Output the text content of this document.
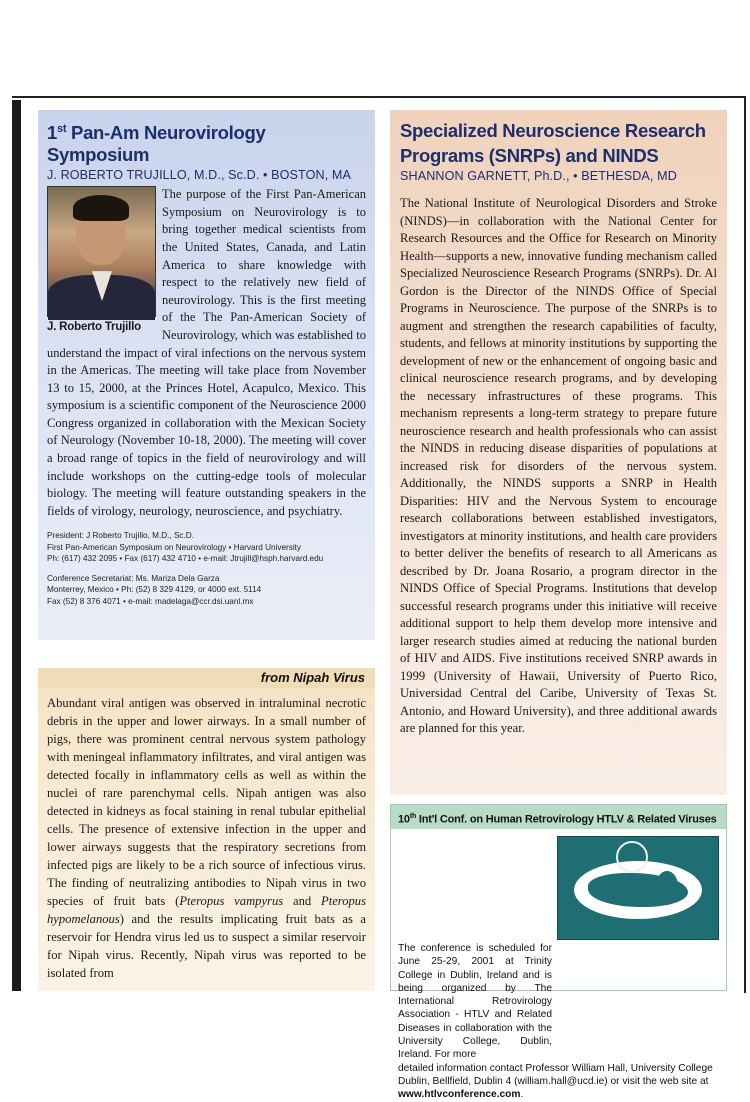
1st Pan-Am Neurovirology Symposium
J. ROBERTO TRUJILLO, M.D., Sc.D. • BOSTON, MA
J. Roberto Trujillo

The purpose of the First Pan-American Symposium on Neurovirology is to bring together medical scientists from the United States, Canada, and Latin America to share knowledge with respect to the relatively new field of neurovirology. This is the first meeting of the The Pan-American Society of Neurovirology, which was established to understand the impact of viral infections on the nervous system in the Americas. The meeting will take place from November 13 to 15, 2000, at the Princes Hotel, Acapulco, Mexico. This symposium is a scientific component of the Neuroscience 2000 Congress organized in collaboration with the Mexican Society of Neurology (November 10-18, 2000). The meeting will cover a broad range of topics in the field of neurovirology and will include workshops on the cutting-edge tools of molecular biology. The meeting will feature outstanding speakers in the fields of virology, neurology, neuroscience, and psychiatry.

President: J Roberto Trujillo, M.D., Sc.D.
First Pan-American Symposium on Neurovirology • Harvard University
Ph: (617) 432 2095 • Fax (617) 432 4710 • e-mail: Jtrujill@hsph.harvard.edu

Conference Secretariat: Ms. Mariza Dela Garza
Monterrey, Mexico • Ph: (52) 8 329 4129, or 4000 ext. 5114
Fax (52) 8 376 4071 • e-mail: madelaga@ccr.dsi.uanl.mx

from Nipah Virus

Abundant viral antigen was observed in intraluminal necrotic debris in the upper and lower airways. In a small number of pigs, there was prominent central nervous system pathology with meningeal inflammatory infiltrates, and viral antigen was detected focally in inflammatory cells as well as within the nuclei of rare parenchymal cells. Nipah antigen was also detected in kidneys as focal staining in renal tubular epithelial cells. The presence of extensive infection in the upper and lower airways suggests that the respiratory secretions from infected pigs are likely to be a rich source of infectious virus. The finding of neutralizing antibodies to Nipah virus in two species of fruit bats (Pteropus vampyrus and Pteropus hypomelanous) and the results implicating fruit bats as a reservoir for Hendra virus led us to suspect a similar reservoir for Nipah virus. Recently, Nipah virus was reported to be isolated from

Specialized Neuroscience Research Programs (SNRPs) and NINDS
SHANNON GARNETT, Ph.D., • BETHESDA, MD

The National Institute of Neurological Disorders and Stroke (NINDS)—in collaboration with the National Center for Research Resources and the Office for Research on Minority Health—supports a new, innovative funding mechanism called Specialized Neuroscience Research Programs (SNRPs). Dr. Al Gordon is the Director of the NINDS Office of Special Programs in Neuroscience. The purpose of the SNRPs is to augment and strengthen the research capabilities of faculty, students, and fellows at minority institutions by supporting the development of new or the enhancement of ongoing basic and clinical neuroscience research programs, and by developing the necessary infrastructures of these programs. This mechanism represents a long-term strategy to prepare future neuroscience research and health professionals who can assist the NINDS in reducing disease disparities of populations at increased risk for disorders of the nervous system. Additionally, the NINDS supports a SNRP in Health Disparities: HIV and the Nervous System to encourage research collaborations between established investigators, investigators at minority institutions, and health care providers to better deliver the benefits of research to all Americans as described by Dr. Joana Rosario, a program director in the NINDS Office of Special Programs. Institutions that develop successful research programs under this initiative will receive additional support to help them develop more intensive and larger research studies aimed at reducing the national burden of HIV and AIDS. Five institutions received SNRP awards in 1999 (University of Hawaii, University of Puerto Rico, Universidad Central del Caribe, University of Texas St. Antonio, and Howard University), and three additional awards are planned for this year.

10th Int'l Conf. on Human Retrovirology HTLV & Related Viruses
The conference is scheduled for June 25-29, 2001 at Trinity College in Dublin, Ireland and is being organized by The International Retrovirology Association - HTLV and Related Diseases in collaboration with the University College, Dublin, Ireland. For more
detailed information contact Professor William Hall, University College Dublin, Bellfield, Dublin 4 (william.hall@ucd.ie) or visit the web site at www.htlvconference.com.
